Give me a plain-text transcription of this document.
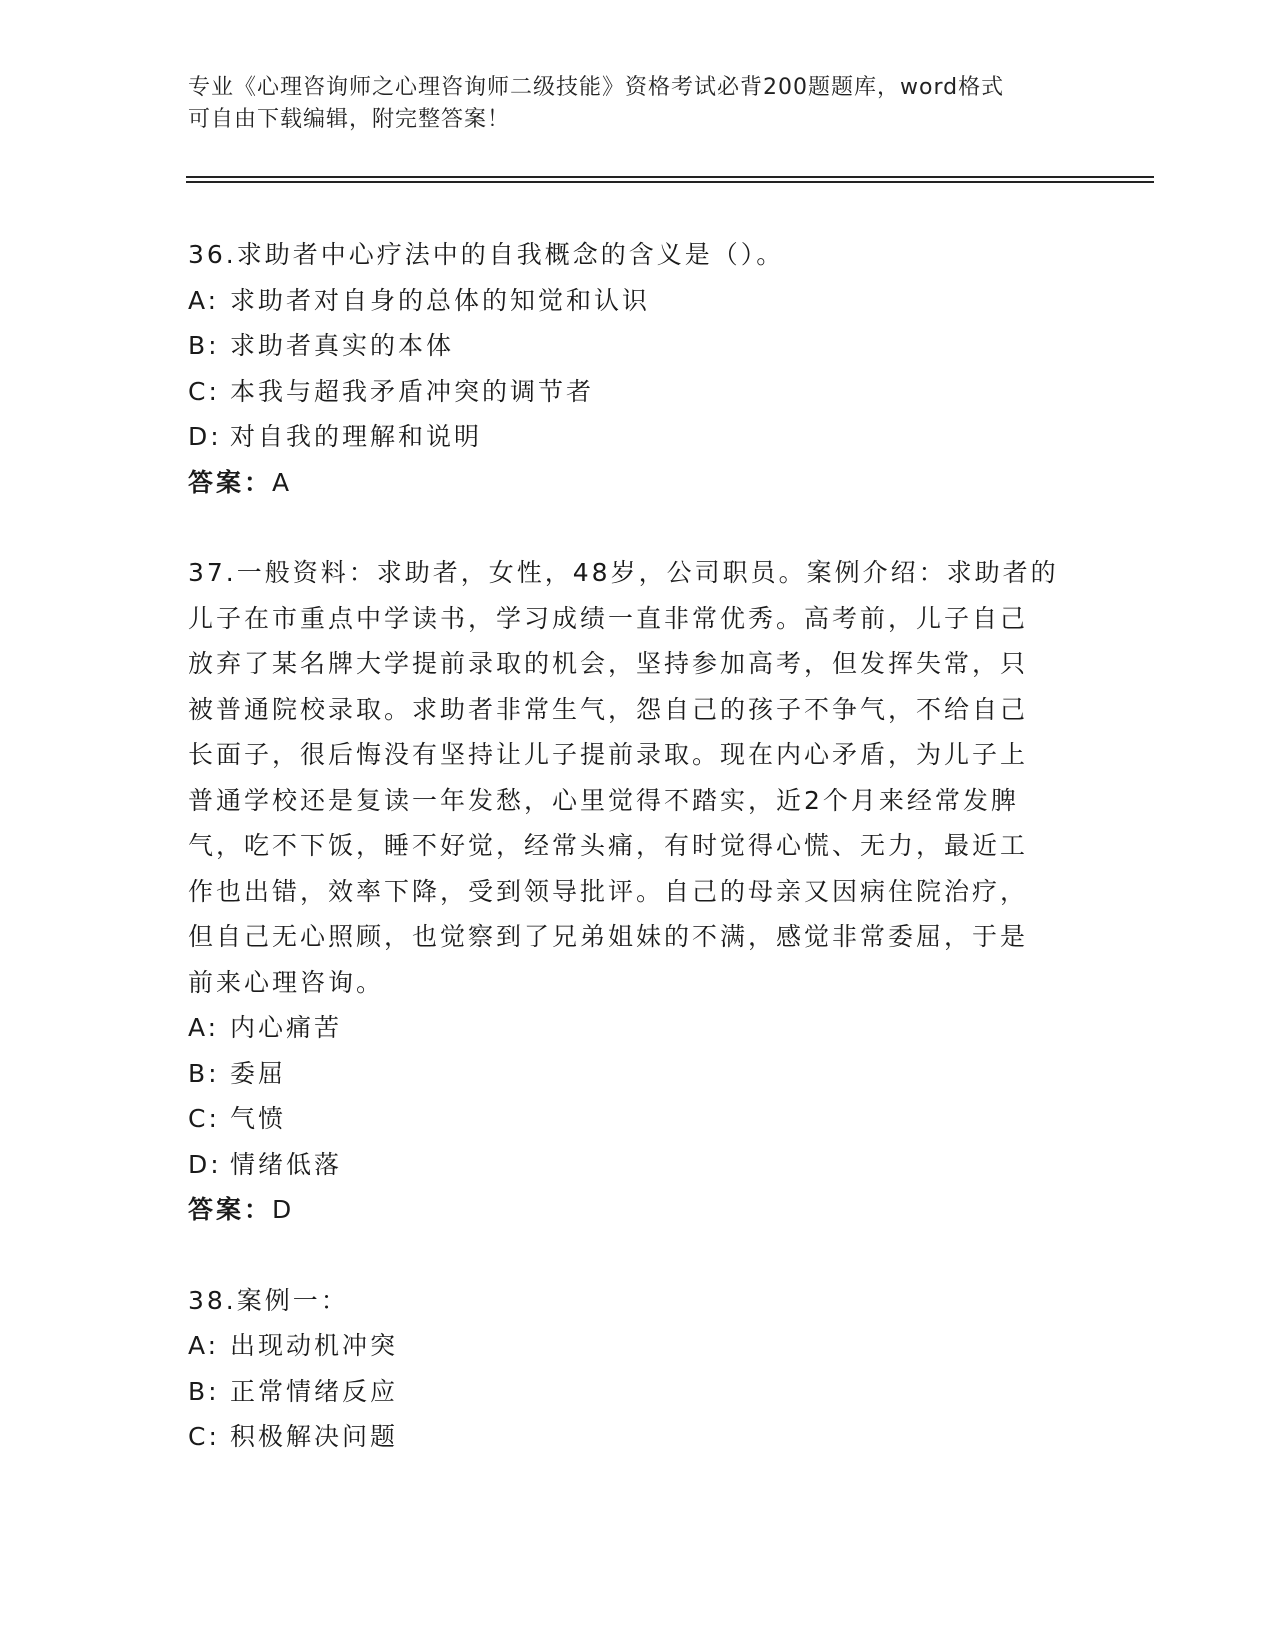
专业《心理咨询师之心理咨询师二级技能》资格考试必背200题题库，word格式
可自由下载编辑，附完整答案！
36.求助者中心疗法中的自我概念的含义是（）。
A: 求助者对自身的总体的知觉和认识
B: 求助者真实的本体
C: 本我与超我矛盾冲突的调节者
D: 对自我的理解和说明
答案：A
37.一般资料：求助者，女性，48岁，公司职员。案例介绍：求助者的
儿子在市重点中学读书，学习成绩一直非常优秀。高考前，儿子自己
放弃了某名牌大学提前录取的机会，坚持参加高考，但发挥失常，只
被普通院校录取。求助者非常生气，怨自己的孩子不争气，不给自己
长面子，很后悔没有坚持让儿子提前录取。现在内心矛盾，为儿子上
普通学校还是复读一年发愁，心里觉得不踏实，近2个月来经常发脾
气，吃不下饭，睡不好觉，经常头痛，有时觉得心慌、无力，最近工
作也出错，效率下降，受到领导批评。自己的母亲又因病住院治疗，
但自己无心照顾，也觉察到了兄弟姐妹的不满，感觉非常委屈，于是
前来心理咨询。
A: 内心痛苦
B: 委屈
C: 气愤
D: 情绪低落
答案：D
38.案例一：
A: 出现动机冲突
B: 正常情绪反应
C: 积极解决问题
